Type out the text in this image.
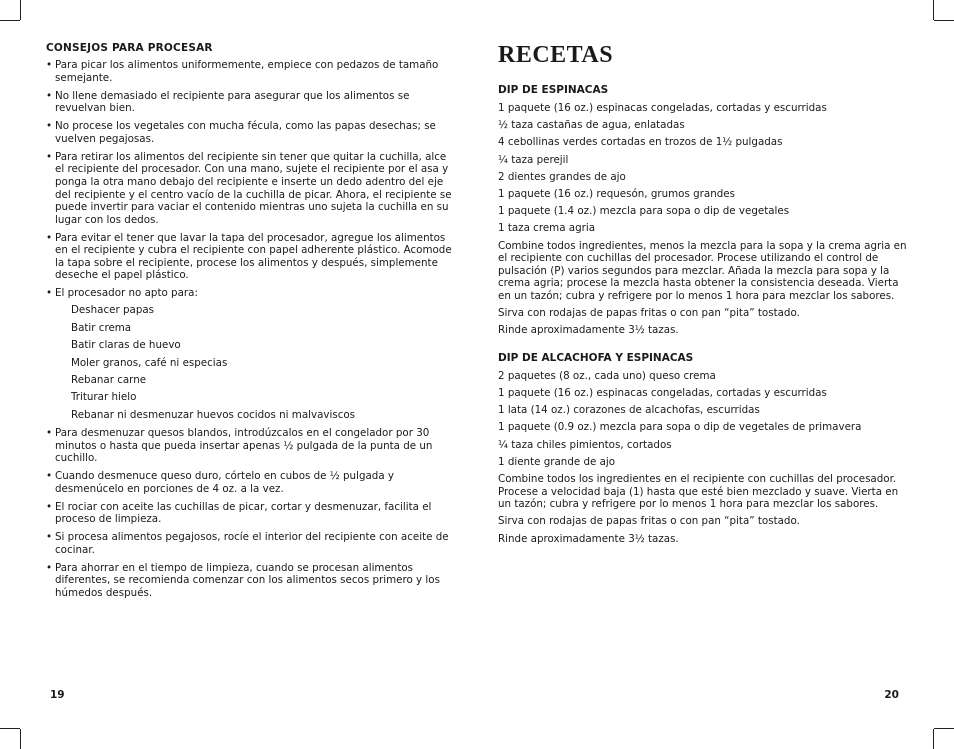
CONSEJOS PARA PROCESAR
• Para picar los alimentos uniformemente, empiece con pedazos de tamaño semejante.
• No llene demasiado el recipiente para asegurar que los alimentos se revuelvan bien.
• No procese los vegetales con mucha fécula, como las papas desechas; se vuelven pegajosas.
• Para retirar los alimentos del recipiente sin tener que quitar la cuchilla, alce el recipiente del procesador. Con una mano, sujete el recipiente por el asa y ponga la otra mano debajo del recipiente e inserte un dedo adentro del eje del recipiente y el centro vacío de la cuchilla de picar. Ahora, el recipiente se puede invertir para vaciar el contenido mientras uno sujeta la cuchilla en su lugar con los dedos.
• Para evitar el tener que lavar la tapa del procesador, agregue los alimentos en el recipiente y cubra el recipiente con papel adherente plástico. Acomode la tapa sobre el recipiente, procese los alimentos y después, simplemente deseche el papel plástico.
• El procesador no apto para:
Deshacer papas
Batir crema
Batir claras de huevo
Moler granos, café ni especias
Rebanar carne
Triturar hielo
Rebanar ni desmenuzar huevos cocidos ni malvaviscos
• Para desmenuzar quesos blandos, introdúzcalos en el congelador por 30 minutos o hasta que pueda insertar apenas ½ pulgada de la punta de un cuchillo.
• Cuando desmenuce queso duro, córtelo en cubos de ½ pulgada y desmenúcelo en porciones de 4 oz. a la vez.
• El rociar con aceite las cuchillas de picar, cortar y desmenuzar, facilita el proceso de limpieza.
• Si procesa alimentos pegajosos, rocíe el interior del recipiente con aceite de cocinar.
• Para ahorrar en el tiempo de limpieza, cuando se procesan alimentos diferentes, se recomienda comenzar con los alimentos secos primero y los húmedos después.
RECETAS
DIP DE ESPINACAS
1 paquete (16 oz.) espinacas congeladas, cortadas y escurridas
½ taza castañas de agua, enlatadas
4 cebollinas verdes cortadas en trozos de 1½ pulgadas
¼ taza perejil
2 dientes grandes de ajo
1 paquete (16 oz.) requesón, grumos grandes
1 paquete (1.4 oz.) mezcla para sopa o dip de vegetales
1 taza crema agria

Combine todos ingredientes, menos la mezcla para la sopa y la crema agria en el recipiente con cuchillas del procesador. Procese utilizando el control de pulsación (P) varios segundos para mezclar. Añada la mezcla para sopa y la crema agria; procese la mezcla hasta obtener la consistencia deseada. Vierta en un tazón; cubra y refrigere por lo menos 1 hora para mezclar los sabores.

Sirva con rodajas de papas fritas o con pan “pita” tostado.

Rinde aproximadamente 3½ tazas.

DIP DE ALCACHOFA Y ESPINACAS
2 paquetes (8 oz., cada uno) queso crema
1 paquete (16 oz.) espinacas congeladas, cortadas y escurridas
1 lata (14 oz.) corazones de alcachofas, escurridas
1 paquete (0.9 oz.) mezcla para sopa o dip de vegetales de primavera
¼ taza chiles pimientos, cortados
1 diente grande de ajo

Combine todos los ingredientes en el recipiente con cuchillas del procesador. Procese a velocidad baja (1) hasta que esté bien mezclado y suave. Vierta en un tazón; cubra y refrigere por lo menos 1 hora para mezclar los sabores.

Sirva con rodajas de papas fritas o con pan “pita” tostado.

Rinde aproximadamente 3½ tazas.

19	20
